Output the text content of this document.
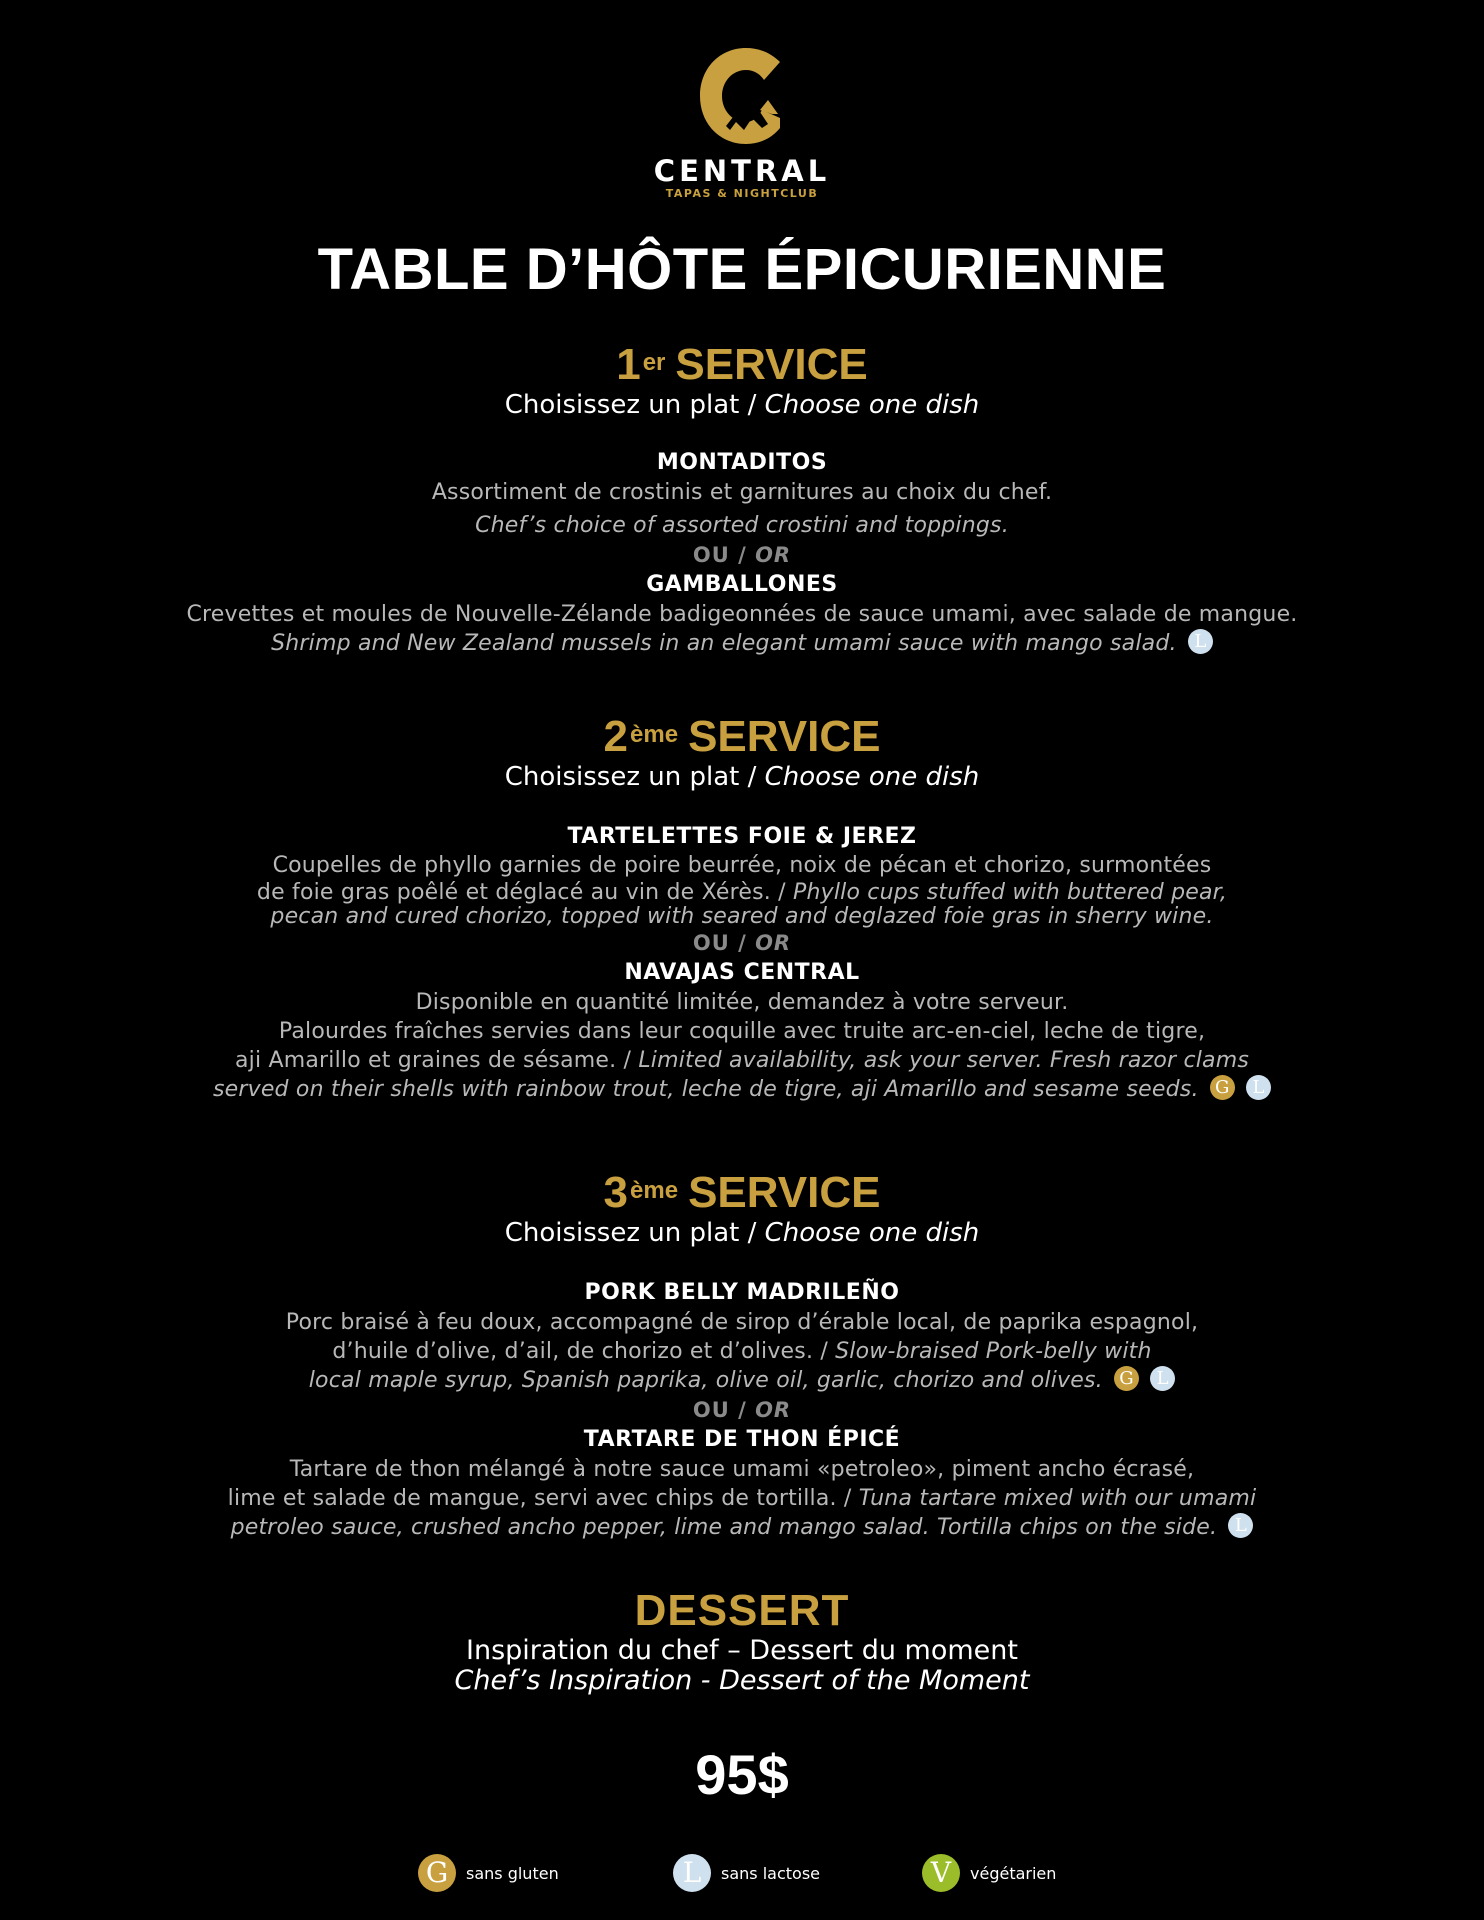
CENTRAL
TAPAS & NIGHTCLUB
TABLE D’HÔTE ÉPICURIENNE
1er SERVICE
Choisissez un plat / Choose one dish
MONTADITOS
Assortiment de crostinis et garnitures au choix du chef.
Chef’s choice of assorted crostini and toppings.
OU / OR
GAMBALLONES
Crevettes et moules de Nouvelle-Zélande badigeonnées de sauce umami, avec salade de mangue.
Shrimp and New Zealand mussels in an elegant umami sauce with mango salad. L
2ème SERVICE
Choisissez un plat / Choose one dish
TARTELETTES FOIE & JEREZ
Coupelles de phyllo garnies de poire beurrée, noix de pécan et chorizo, surmontées
de foie gras poêlé et déglacé au vin de Xérès. / Phyllo cups stuffed with buttered pear,
pecan and cured chorizo, topped with seared and deglazed foie gras in sherry wine.
OU / OR
NAVAJAS CENTRAL
Disponible en quantité limitée, demandez à votre serveur.
Palourdes fraîches servies dans leur coquille avec truite arc-en-ciel, leche de tigre,
aji Amarillo et graines de sésame. / Limited availability, ask your server. Fresh razor clams
served on their shells with rainbow trout, leche de tigre, aji Amarillo and sesame seeds. G L
3ème SERVICE
Choisissez un plat / Choose one dish
PORK BELLY MADRILEÑO
Porc braisé à feu doux, accompagné de sirop d’érable local, de paprika espagnol,
d’huile d’olive, d’ail, de chorizo et d’olives. / Slow-braised Pork-belly with
local maple syrup, Spanish paprika, olive oil, garlic, chorizo and olives. G L
OU / OR
TARTARE DE THON ÉPICÉ
Tartare de thon mélangé à notre sauce umami «petroleo», piment ancho écrasé,
lime et salade de mangue, servi avec chips de tortilla. / Tuna tartare mixed with our umami
petroleo sauce, crushed ancho pepper, lime and mango salad. Tortilla chips on the side. L
DESSERT
Inspiration du chef – Dessert du moment
Chef’s Inspiration - Dessert of the Moment
95$
G	sans gluten	L	sans lactose	V	végétarien
